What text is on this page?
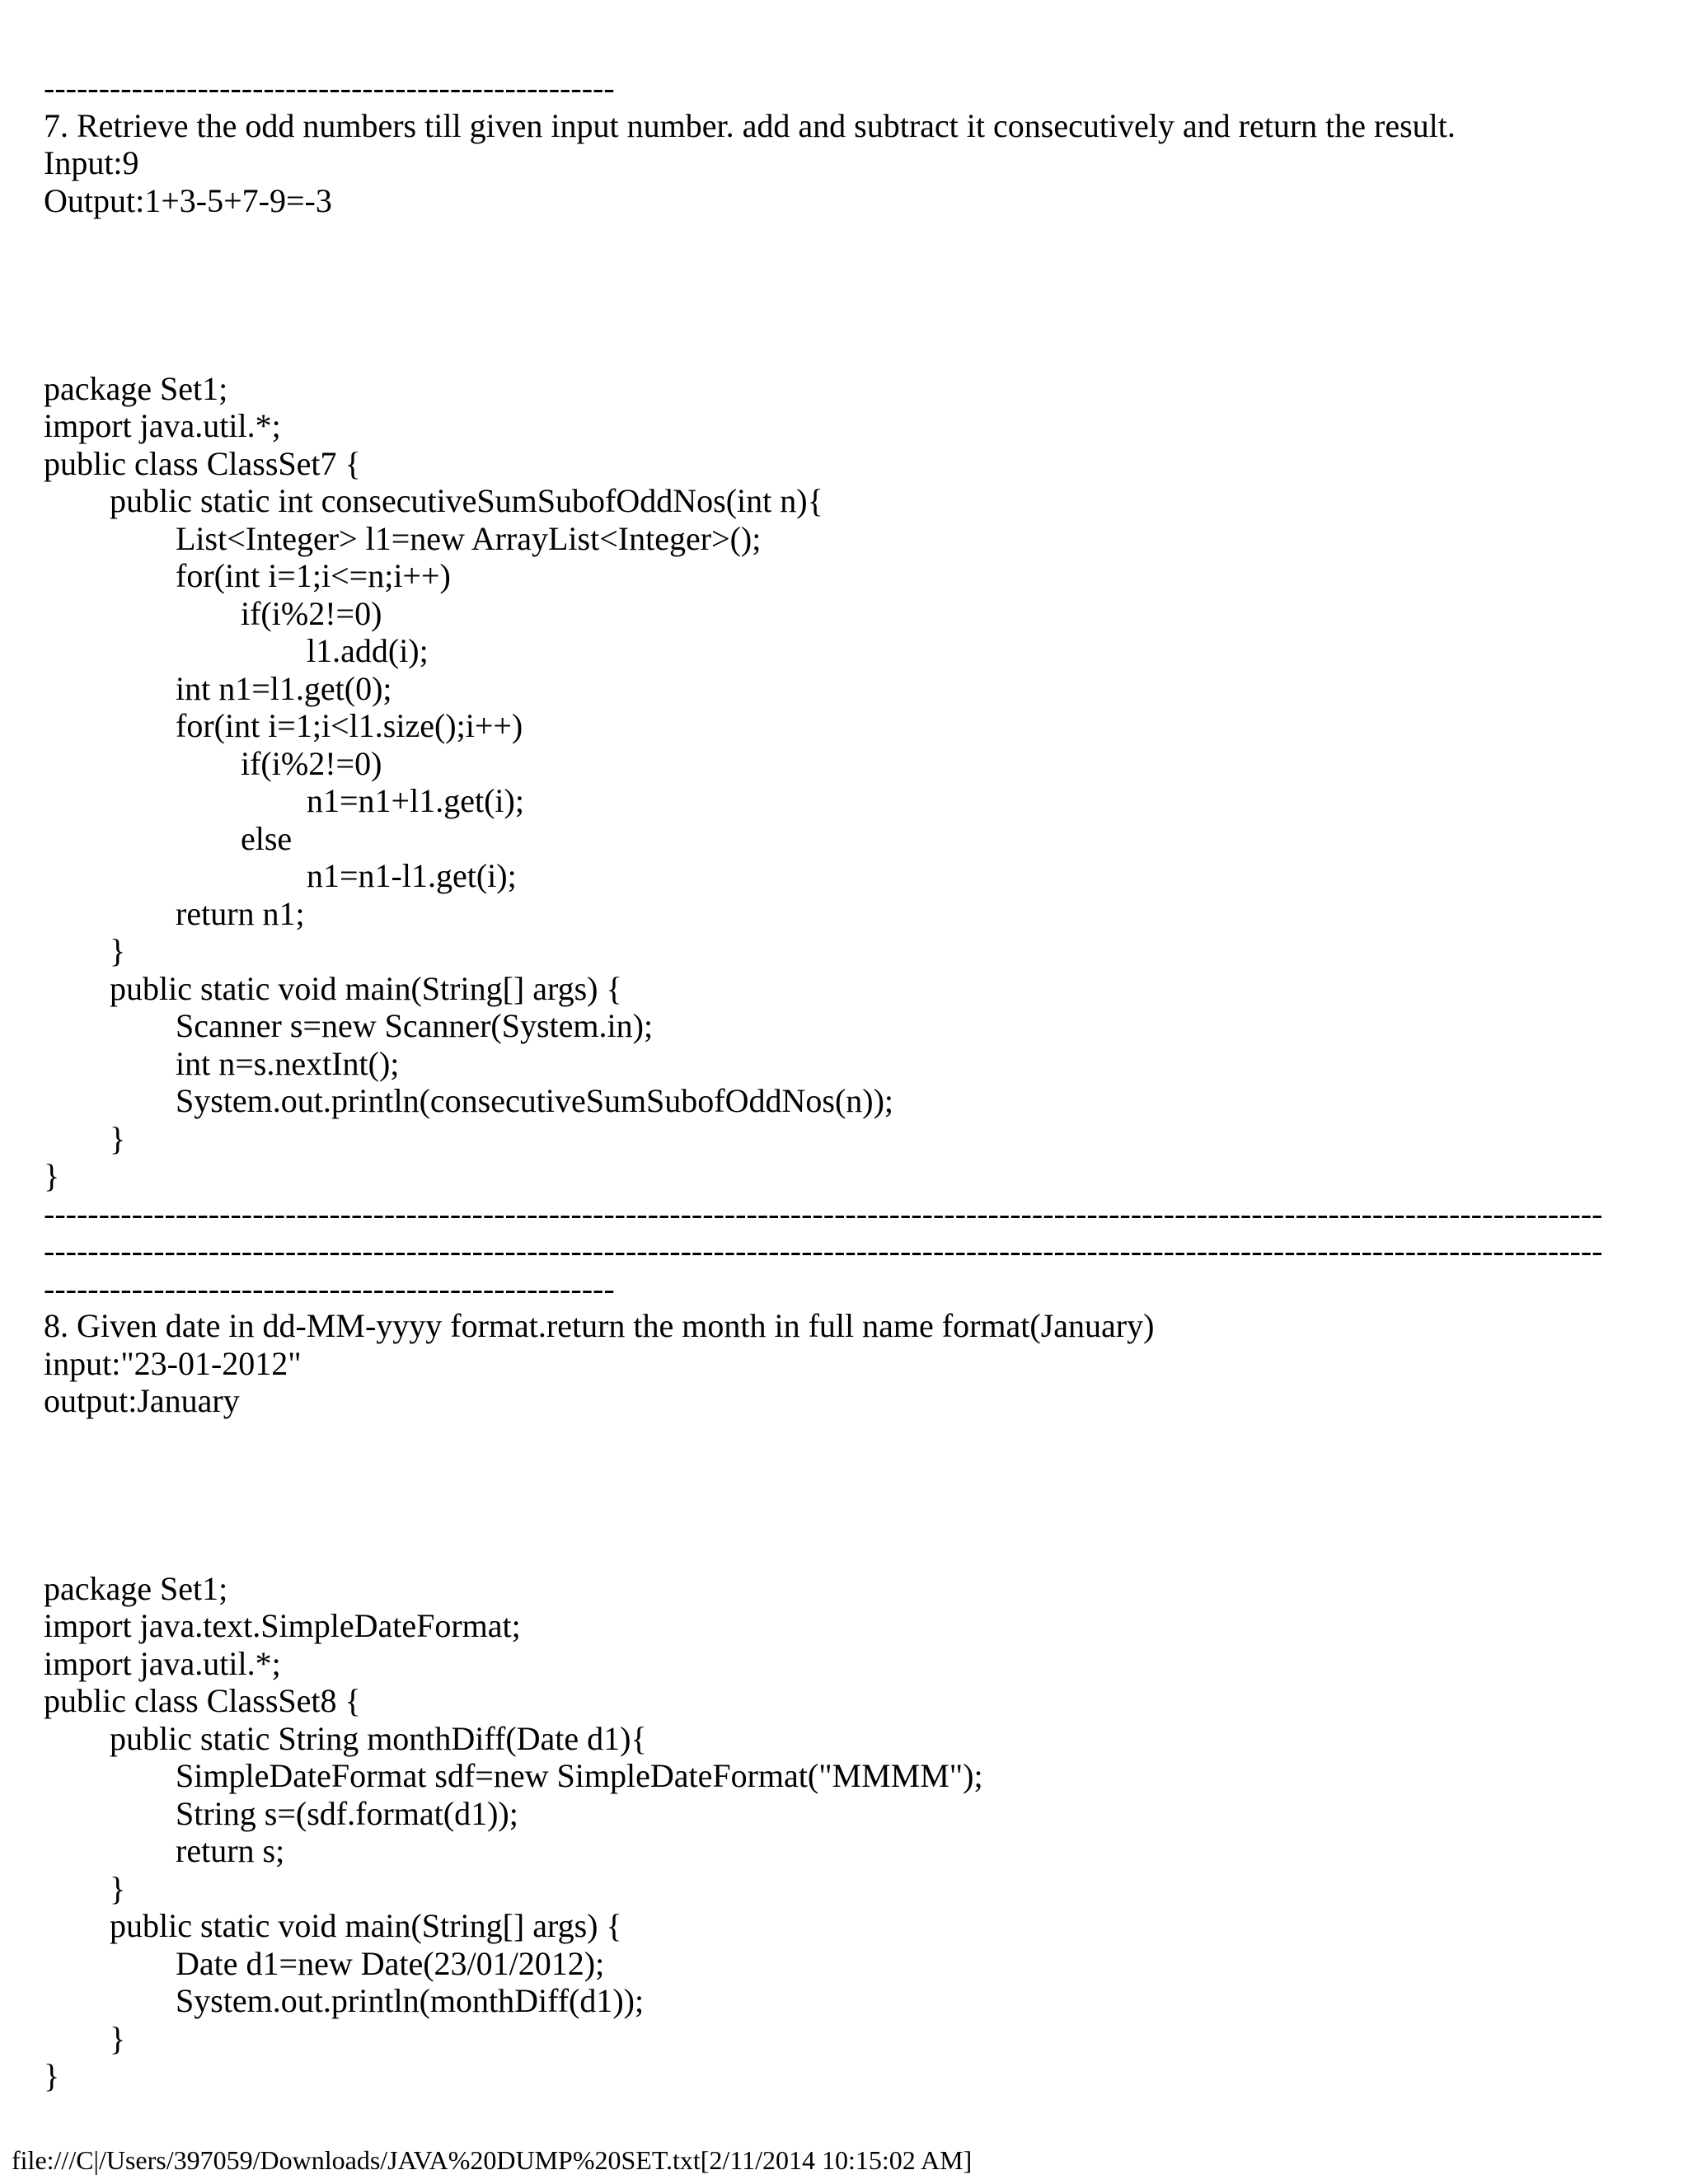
----------------------------------------------------
7. Retrieve the odd numbers till given input number. add and subtract it consecutively and return the result.
Input:9
Output:1+3-5+7-9=-3
package Set1;
import java.util.*;
public class ClassSet7 {
public static int consecutiveSumSubofOddNos(int n){
List<Integer> l1=new ArrayList<Integer>();
for(int i=1;i<=n;i++)
if(i%2!=0)
l1.add(i);
int n1=l1.get(0);
for(int i=1;i<l1.size();i++)
if(i%2!=0)
n1=n1+l1.get(i);
else
n1=n1-l1.get(i);
return n1;
}
public static void main(String[] args) {
Scanner s=new Scanner(System.in);
int n=s.nextInt();
System.out.println(consecutiveSumSubofOddNos(n));
}
}
----------------------------------------------------------------------------------------------------------------------------------------------
----------------------------------------------------------------------------------------------------------------------------------------------
----------------------------------------------------
8. Given date in dd-MM-yyyy format.return the month in full name format(January)
input:"23-01-2012"
output:January
package Set1;
import java.text.SimpleDateFormat;
import java.util.*;
public class ClassSet8 {
public static String monthDiff(Date d1){
SimpleDateFormat sdf=new SimpleDateFormat("MMMM");
String s=(sdf.format(d1));
return s;
}
public static void main(String[] args) {
Date d1=new Date(23/01/2012);
System.out.println(monthDiff(d1));
}
}
file:///C|/Users/397059/Downloads/JAVA%20DUMP%20SET.txt[2/11/2014 10:15:02 AM]
